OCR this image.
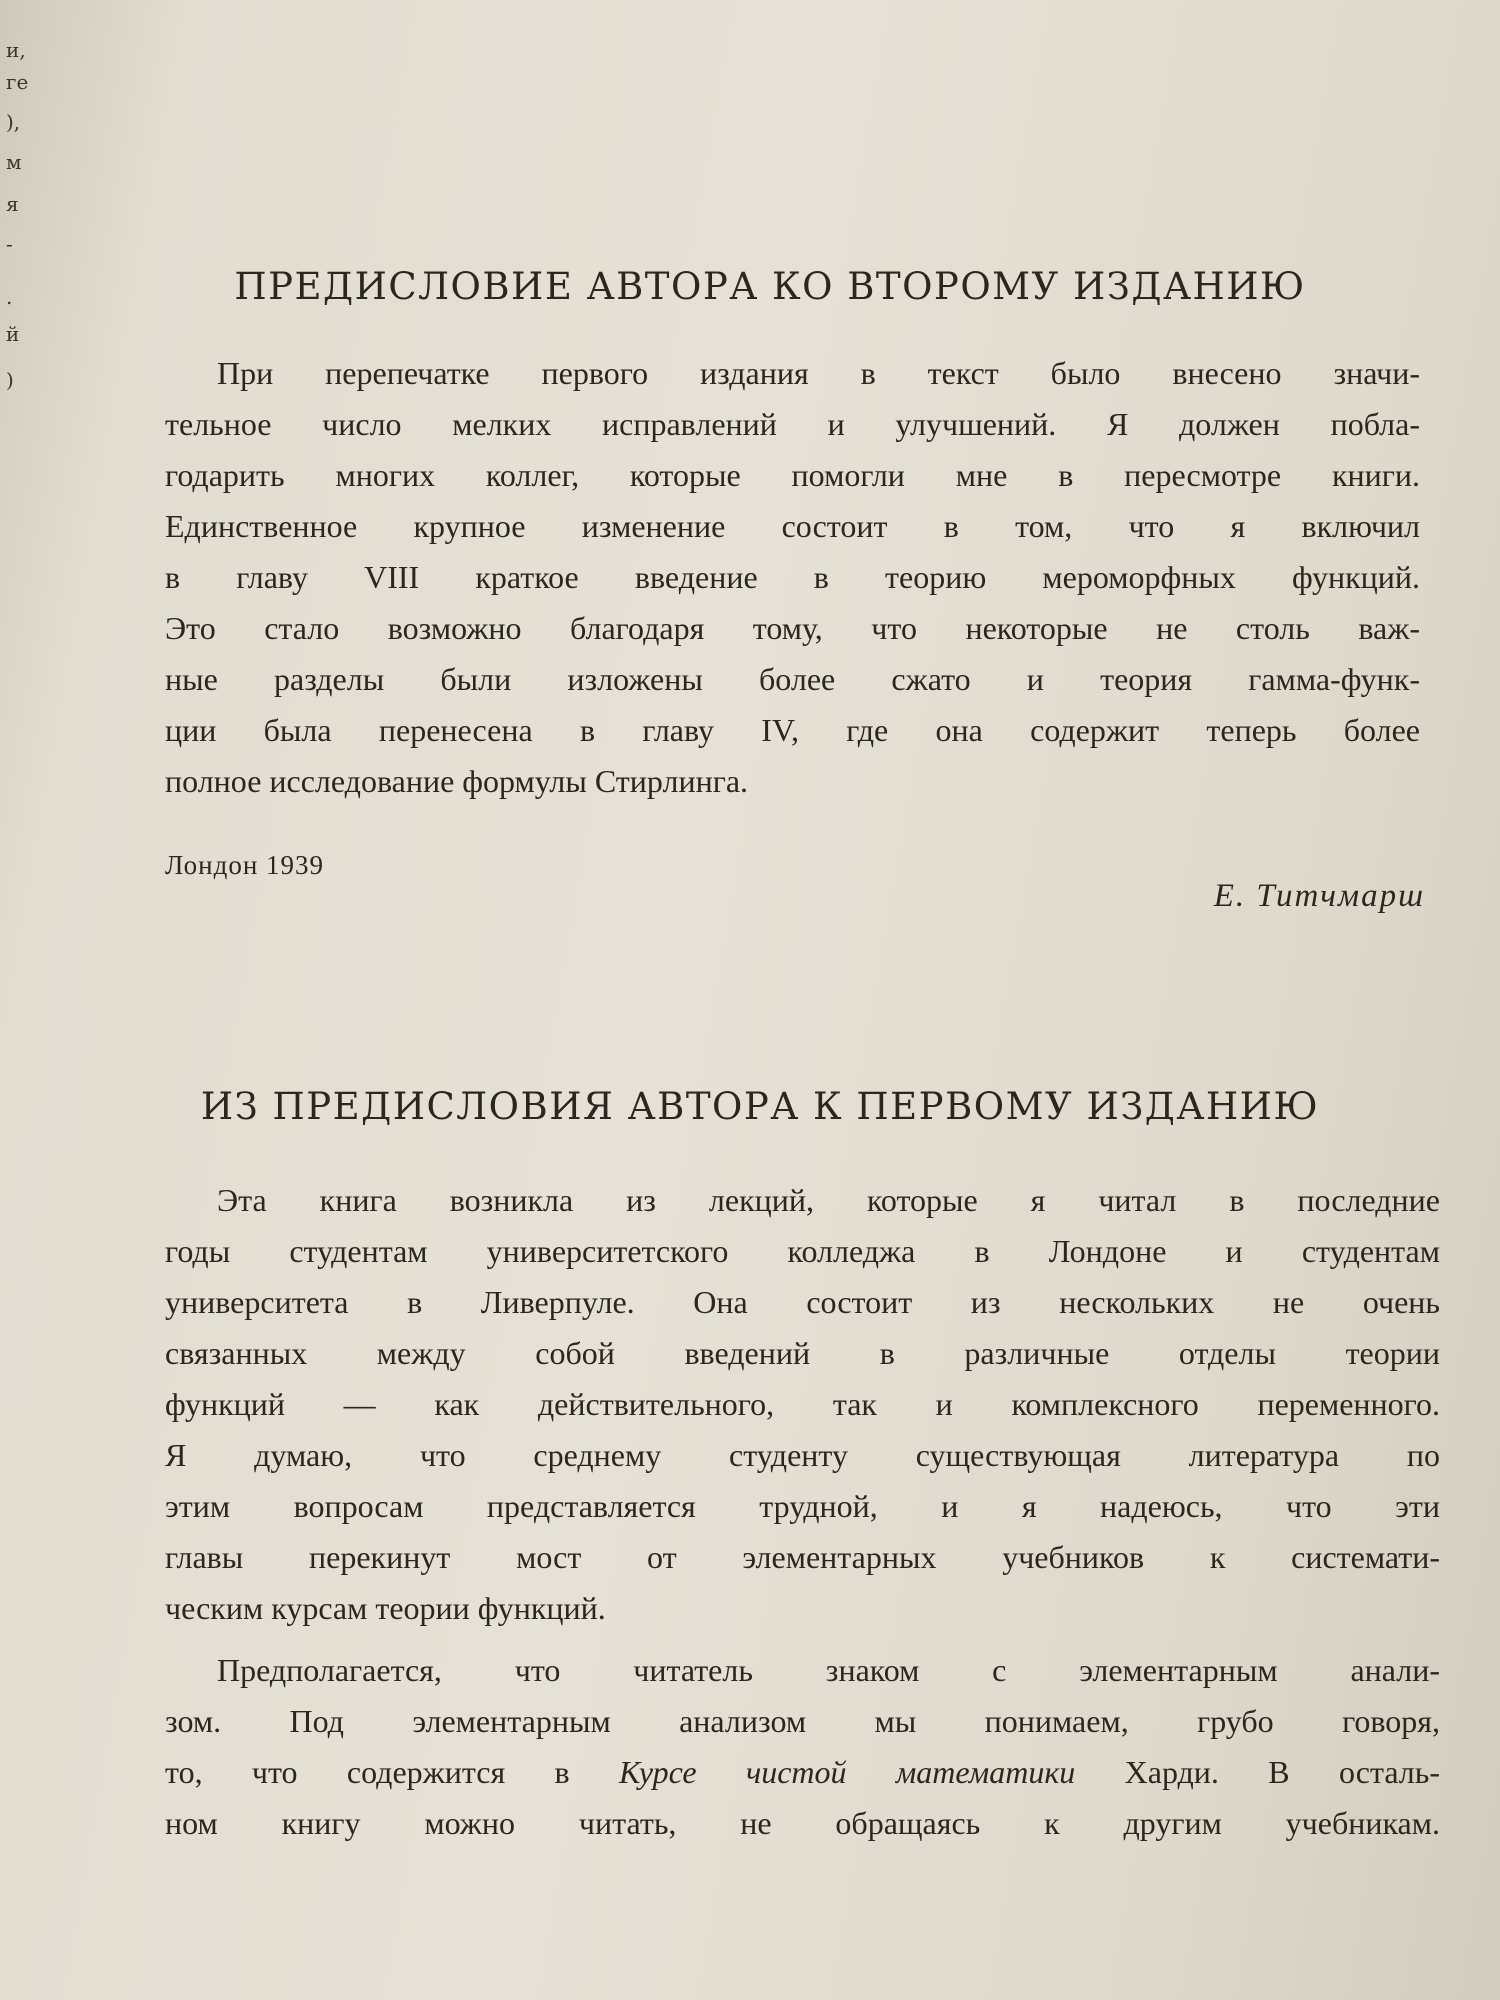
и,
ге
),
м
я
-
.
й
)
ПРЕДИСЛОВИЕ АВТОРА КО ВТОРОМУ ИЗДАНИЮ
При перепечатке первого издания в текст было внесено значи-
тельное число мелких исправлений и улучшений. Я должен побла-
годарить многих коллег, которые помогли мне в пересмотре книги.
Единственное крупное изменение состоит в том, что я включил
в главу VIII краткое введение в теорию мероморфных функций.
Это стало возможно благодаря тому, что некоторые не столь важ-
ные разделы были изложены более сжато и теория гамма-функ-
ции была перенесена в главу IV, где она содержит теперь более
полное исследование формулы Стирлинга.
Лондон 1939
Е. Титчмарш
ИЗ ПРЕДИСЛОВИЯ АВТОРА К ПЕРВОМУ ИЗДАНИЮ
Эта книга возникла из лекций, которые я читал в последние
годы студентам университетского колледжа в Лондоне и студентам
университета в Ливерпуле. Она состоит из нескольких не очень
связанных между собой введений в различные отделы теории
функций — как действительного, так и комплексного переменного.
Я думаю, что среднему студенту существующая литература по
этим вопросам представляется трудной, и я надеюсь, что эти
главы перекинут мост от элементарных учебников к системати-
ческим курсам теории функций.
Предполагается, что читатель знаком с элементарным анали-
зом. Под элементарным анализом мы понимаем, грубо говоря,
то, что содержится в Курсе чистой математики Харди. В осталь-
ном книгу можно читать, не обращаясь к другим учебникам.
